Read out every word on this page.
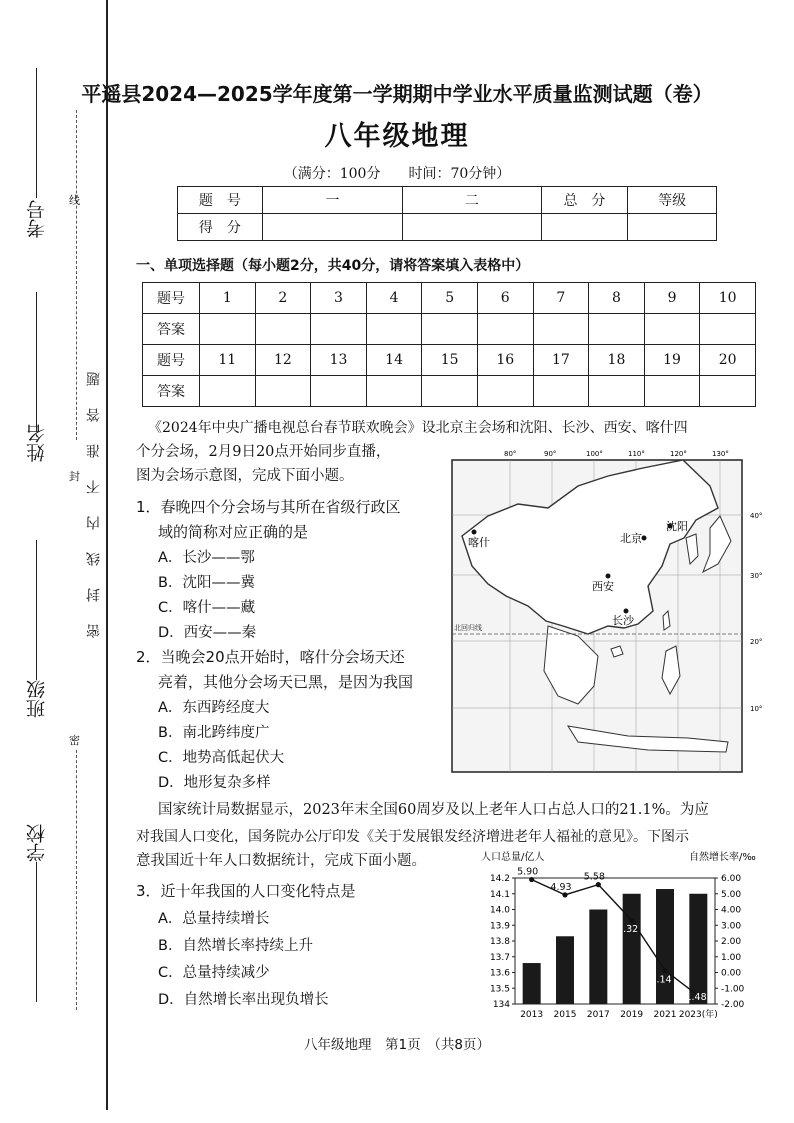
密
封
线
密封线内不准答题
考号
姓名
班级
学校
平遥县2024—2025学年度第一学期期中学业水平质量监测试题（卷）
八年级地理
（满分：100分　　时间：70分钟）
题　号	一	二	总　分	等级
得　分				
一、单项选择题（每小题2分，共40分，请将答案填入表格中）
题号	1	2	3	4	5	6	7	8	9	10
答案										
题号	11	12	13	14	15	16	17	18	19	20
答案										
《2024年中央广播电视总台春节联欢晚会》设北京主会场和沈阳、长沙、西安、喀什四
个分会场，2月9日20点开始同步直播，
图为会场示意图，完成下面小题。
1．春晚四个分会场与其所在省级行政区
域的简称对应正确的是
A．长沙——鄂
B．沈阳——冀
C．喀什——藏
D．西安——秦
2．当晚会20点开始时，喀什分会场天还
亮着，其他分会场天已黑，是因为我国
A．东西跨经度大
B．南北跨纬度广
C．地势高低起伏大
D．地形复杂多样
北回归线
80°	90°	100°	110°	120°	130°
40°
30°
20°
10°
喀什	北京
沈阳
西安
长沙
国家统计局数据显示，2023年末全国60周岁及以上老年人口占总人口的21.1%。为应
对我国人口变化，国务院办公厅印发《关于发展银发经济增进老年人福祉的意见》。下图示
意我国近十年人口数据统计，完成下面小题。
3．近十年我国的人口变化特点是
A．总量持续增长
B．自然增长率持续上升
C．总量持续减少
D．自然增长率出现负增长
人口总量/亿人	自然增长率/‰
14.2	6.00
14.1	5.00
14.0	4.00
13.9	3.00
13.8	2.00
13.7	1.00
13.6	0.00
13.5	-1.00
134	-2.00
2013 2015 2017 2019 2021 2023(年)
5.90
4.93
5.58
3.32
0.14
-1.48
八年级地理　第1页　（共8页）
